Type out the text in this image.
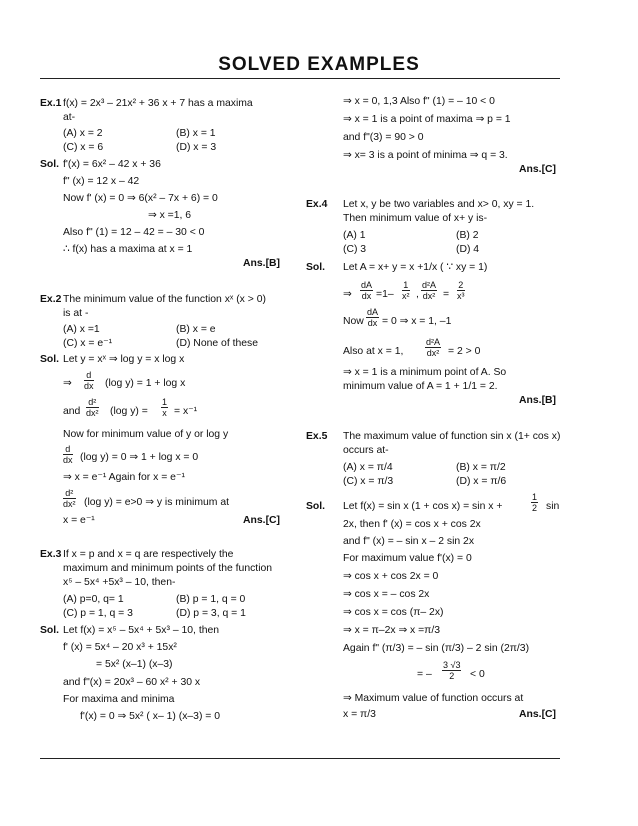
SOLVED EXAMPLES
Ex.1 f(x) = 2x³ – 21x² + 36 x + 7 has a maxima
at-
(A) x = 2	(B) x = 1
(C) x = 6	(D) x = 3
Sol. f'(x) = 6x² – 42 x + 36
f" (x) = 12 x – 42
Now f' (x) = 0 ⇒ 6(x² – 7x + 6) = 0
⇒ x =1, 6
Also f" (1) = 12 – 42 = – 30 < 0
∴ f(x) has a maxima at x = 1
Ans.[B]
Ex.2 The minimum value of the function xˣ (x > 0)
is at -
(A) x =1	(B) x = e
(C) x = e⁻¹	(D) None of these
Sol. Let y = xˣ ⇒ log y = x log x
⇒ $\frac{d}{dx} (\log$ y) = 1 + log x
and $\frac{\text{d²}}{\text{dx²}} (\log$ $y) = \frac{1}{x} = x^{-1}$
Now for minimum value of y or log y
$\frac{d}{dx} (\log$ y) = 0 ⇒ 1 + log x = 0
⇒ x = e⁻¹ Again for x = e⁻¹
$\frac{\text{d²}}{\text{dx²}} (\log$ y) = e>0 ⇒ y is minimum at
x = e⁻¹	Ans.[C]
Ex.3 If x = p and x = q are respectively the
maximum and minimum points of the function
x⁵ – 5x⁴ +5x³ – 10, then-
(A) p=0, q= 1	(B) p = 1, q = 0
(C) p = 1, q = 3	(D) p = 3, q = 1
Sol. Let f(x) = x⁵ – 5x⁴ + 5x³ – 10, then
f' (x) = 5x⁴ – 20 x³ + 15x²
= 5x² (x–1) (x–3)
and f"(x) = 20x³ – 60 x² + 30 x
For maxima and minima
f'(x) = 0 ⇒ 5x² ( x– 1) (x–3) = 0
⇒ x = 0, 1,3 Also f" (1) = – 10 < 0
⇒ x = 1 is a point of maxima ⇒ p = 1
and f"(3) = 90 > 0
⇒ x= 3 is a point of minima ⇒ q = 3.
Ans.[C]
Ex.4 Let x, y be two variables and x> 0, xy = 1.
Then minimum value of x+ y is-
(A) 1	(B) 2
(C) 3	(D) 4
Sol. Let A = x+ y = x +1/x ( ∵ xy = 1)
⇒ $\frac{dA}{dx} =1- \frac{1}{\text{x²}}$ , $\frac{\text{d²A}}{\text{dx²}} = \frac{2}{\text{x³}}$
Now $\frac{dA}{dx} = 0$ ⇒ x = 1, –1
Also at x = 1, $\frac{\text{d²A}}{\text{dx²}} = 2 > 0$
⇒ x = 1 is a minimum point of A. So
minimum value of A = 1 + 1/1 = 2.
Ans.[B]
Ex.5 The maximum value of function sin x (1+ cos x)
occurs at-
(A) x = π/4	(B) x = π/2
(C) x = π/3	(D) x = π/6
Sol. Let f(x) = sin x (1 + cos x) = sin x +	$\frac{1}{2}$ sin
2x, then f' (x) = cos x + cos 2x
and f" (x) = – sin x – 2 sin 2x
For maximum value f'(x) = 0
⇒ cos x + cos 2x = 0
⇒ cos x = – cos 2x
⇒ cos x = cos (π– 2x)
⇒ x = π–2x ⇒ x =π/3
Again f" (π/3) = – sin (π/3) – 2 sin (2π/3)
= – $\frac{3 √3}{2} < 0$
⇒ Maximum value of function occurs at
x = π/3	Ans.[C]
